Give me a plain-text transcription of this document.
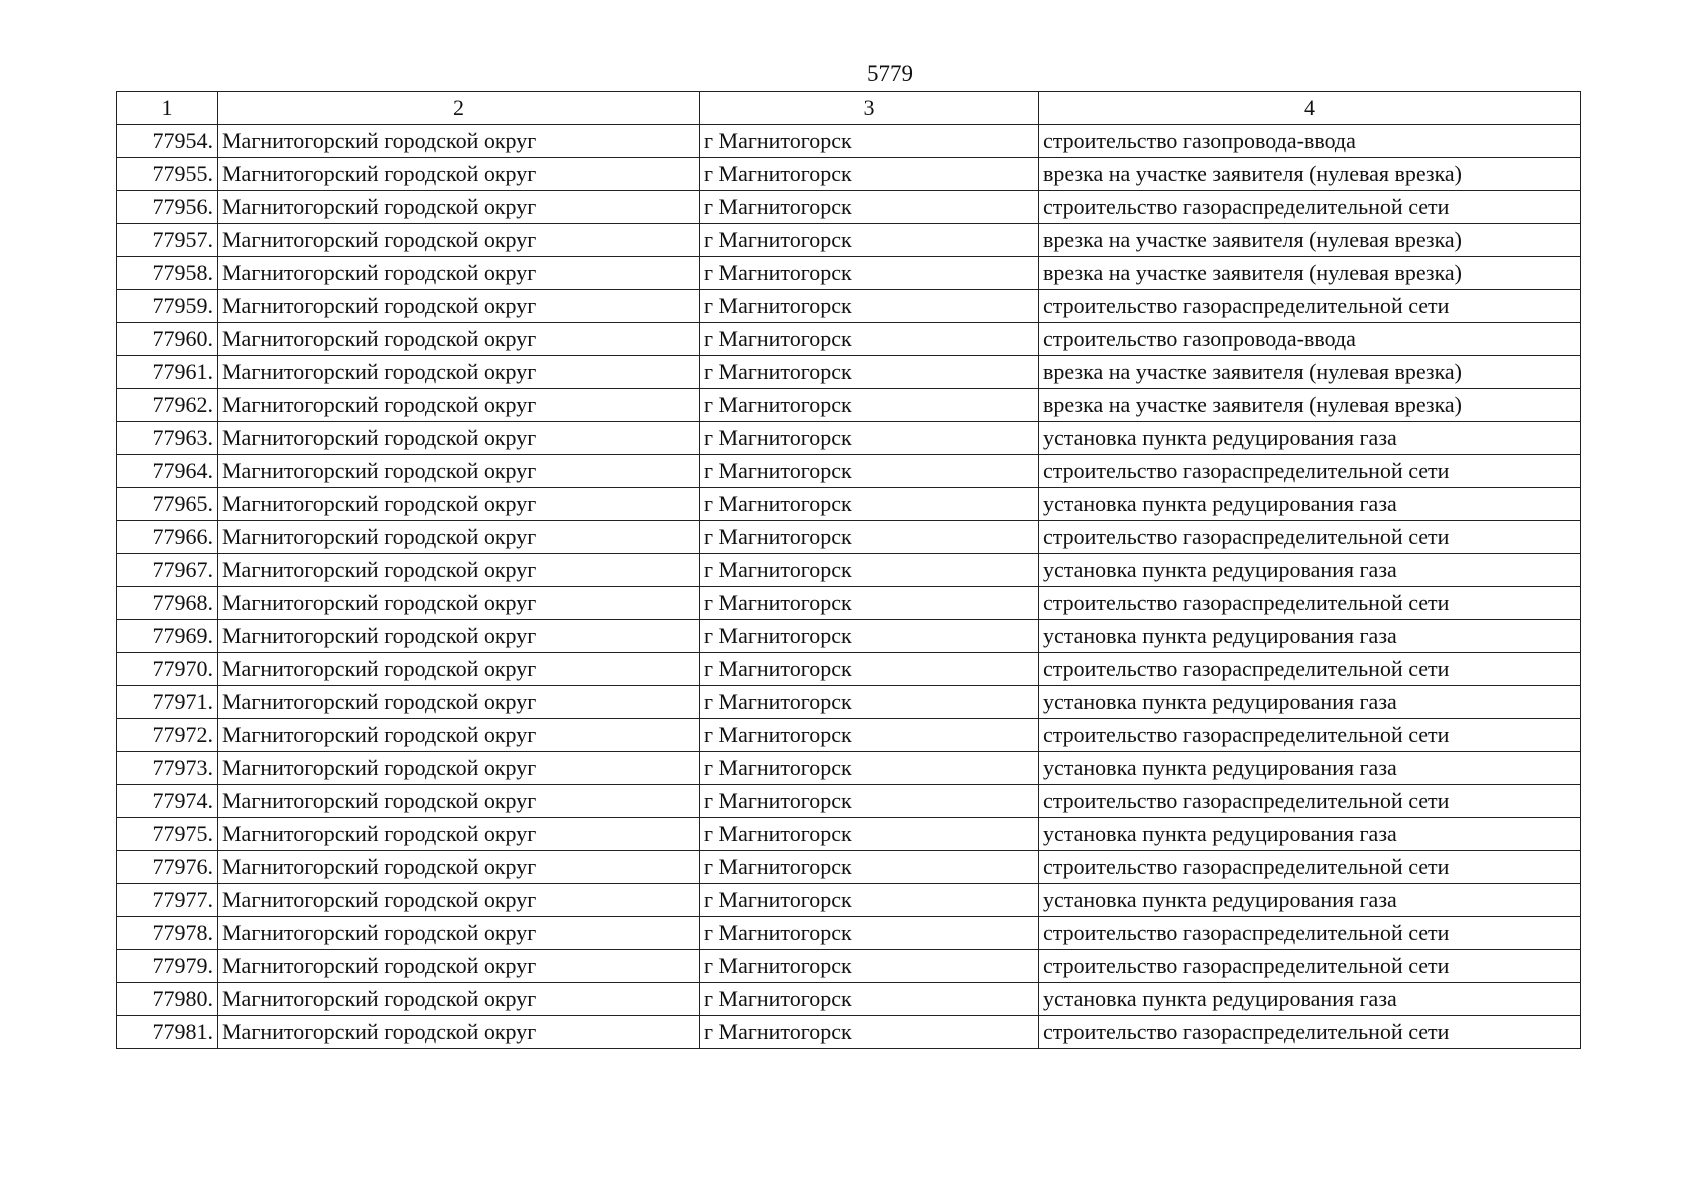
5779
1	2	3	4
77954.	Магнитогорский городской округ	г Магнитогорск	строительство газопровода-ввода
77955.	Магнитогорский городской округ	г Магнитогорск	врезка на участке заявителя (нулевая врезка)
77956.	Магнитогорский городской округ	г Магнитогорск	строительство газораспределительной сети
77957.	Магнитогорский городской округ	г Магнитогорск	врезка на участке заявителя (нулевая врезка)
77958.	Магнитогорский городской округ	г Магнитогорск	врезка на участке заявителя (нулевая врезка)
77959.	Магнитогорский городской округ	г Магнитогорск	строительство газораспределительной сети
77960.	Магнитогорский городской округ	г Магнитогорск	строительство газопровода-ввода
77961.	Магнитогорский городской округ	г Магнитогорск	врезка на участке заявителя (нулевая врезка)
77962.	Магнитогорский городской округ	г Магнитогорск	врезка на участке заявителя (нулевая врезка)
77963.	Магнитогорский городской округ	г Магнитогорск	установка пункта редуцирования газа
77964.	Магнитогорский городской округ	г Магнитогорск	строительство газораспределительной сети
77965.	Магнитогорский городской округ	г Магнитогорск	установка пункта редуцирования газа
77966.	Магнитогорский городской округ	г Магнитогорск	строительство газораспределительной сети
77967.	Магнитогорский городской округ	г Магнитогорск	установка пункта редуцирования газа
77968.	Магнитогорский городской округ	г Магнитогорск	строительство газораспределительной сети
77969.	Магнитогорский городской округ	г Магнитогорск	установка пункта редуцирования газа
77970.	Магнитогорский городской округ	г Магнитогорск	строительство газораспределительной сети
77971.	Магнитогорский городской округ	г Магнитогорск	установка пункта редуцирования газа
77972.	Магнитогорский городской округ	г Магнитогорск	строительство газораспределительной сети
77973.	Магнитогорский городской округ	г Магнитогорск	установка пункта редуцирования газа
77974.	Магнитогорский городской округ	г Магнитогорск	строительство газораспределительной сети
77975.	Магнитогорский городской округ	г Магнитогорск	установка пункта редуцирования газа
77976.	Магнитогорский городской округ	г Магнитогорск	строительство газораспределительной сети
77977.	Магнитогорский городской округ	г Магнитогорск	установка пункта редуцирования газа
77978.	Магнитогорский городской округ	г Магнитогорск	строительство газораспределительной сети
77979.	Магнитогорский городской округ	г Магнитогорск	строительство газораспределительной сети
77980.	Магнитогорский городской округ	г Магнитогорск	установка пункта редуцирования газа
77981.	Магнитогорский городской округ	г Магнитогорск	строительство газораспределительной сети
